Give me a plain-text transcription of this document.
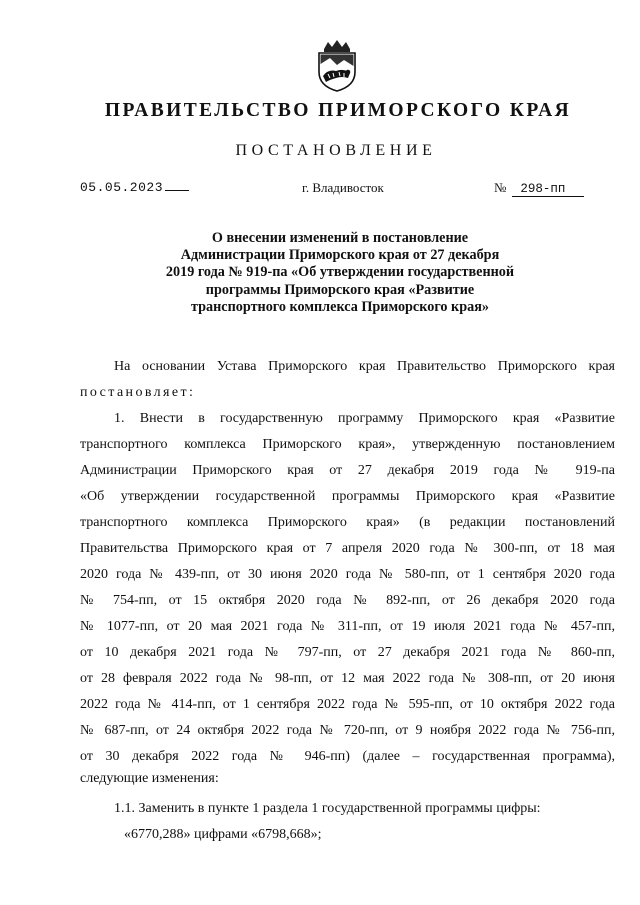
ПРАВИТЕЛЬСТВО ПРИМОРСКОГО КРАЯ
ПОСТАНОВЛЕНИЕ
05.05.2023	г. Владивосток	№ 298-пп
О внесении изменений в постановление
Администрации Приморского края от 27 декабря
2019 года № 919-па «Об утверждении государственной
программы Приморского края «Развитие
транспортного комплекса Приморского края»
На основании Устава Приморского края Правительство Приморского края
постановляет:
1. Внести в государственную программу Приморского края «Развитие
транспортного комплекса Приморского края», утвержденную постановлением
Администрации Приморского края от 27 декабря 2019 года № 919-па
«Об утверждении государственной программы Приморского края «Развитие
транспортного комплекса Приморского края» (в редакции постановлений
Правительства Приморского края от 7 апреля 2020 года № 300-пп, от 18 мая
2020 года № 439-пп, от 30 июня 2020 года № 580-пп, от 1 сентября 2020 года
№ 754-пп, от 15 октября 2020 года № 892-пп, от 26 декабря 2020 года
№ 1077-пп, от 20 мая 2021 года № 311-пп, от 19 июля 2021 года № 457-пп,
от 10 декабря 2021 года № 797-пп, от 27 декабря 2021 года № 860-пп,
от 28 февраля 2022 года № 98-пп, от 12 мая 2022 года № 308-пп, от 20 июня
2022 года № 414-пп, от 1 сентября 2022 года № 595-пп, от 10 октября 2022 года
№ 687-пп, от 24 октября 2022 года № 720-пп, от 9 ноября 2022 года № 756-пп,
от 30 декабря 2022 года № 946-пп) (далее – государственная программа),
следующие изменения:
1.1. Заменить в пункте 1 раздела 1 государственной программы цифры:
«6770,288» цифрами «6798,668»;
